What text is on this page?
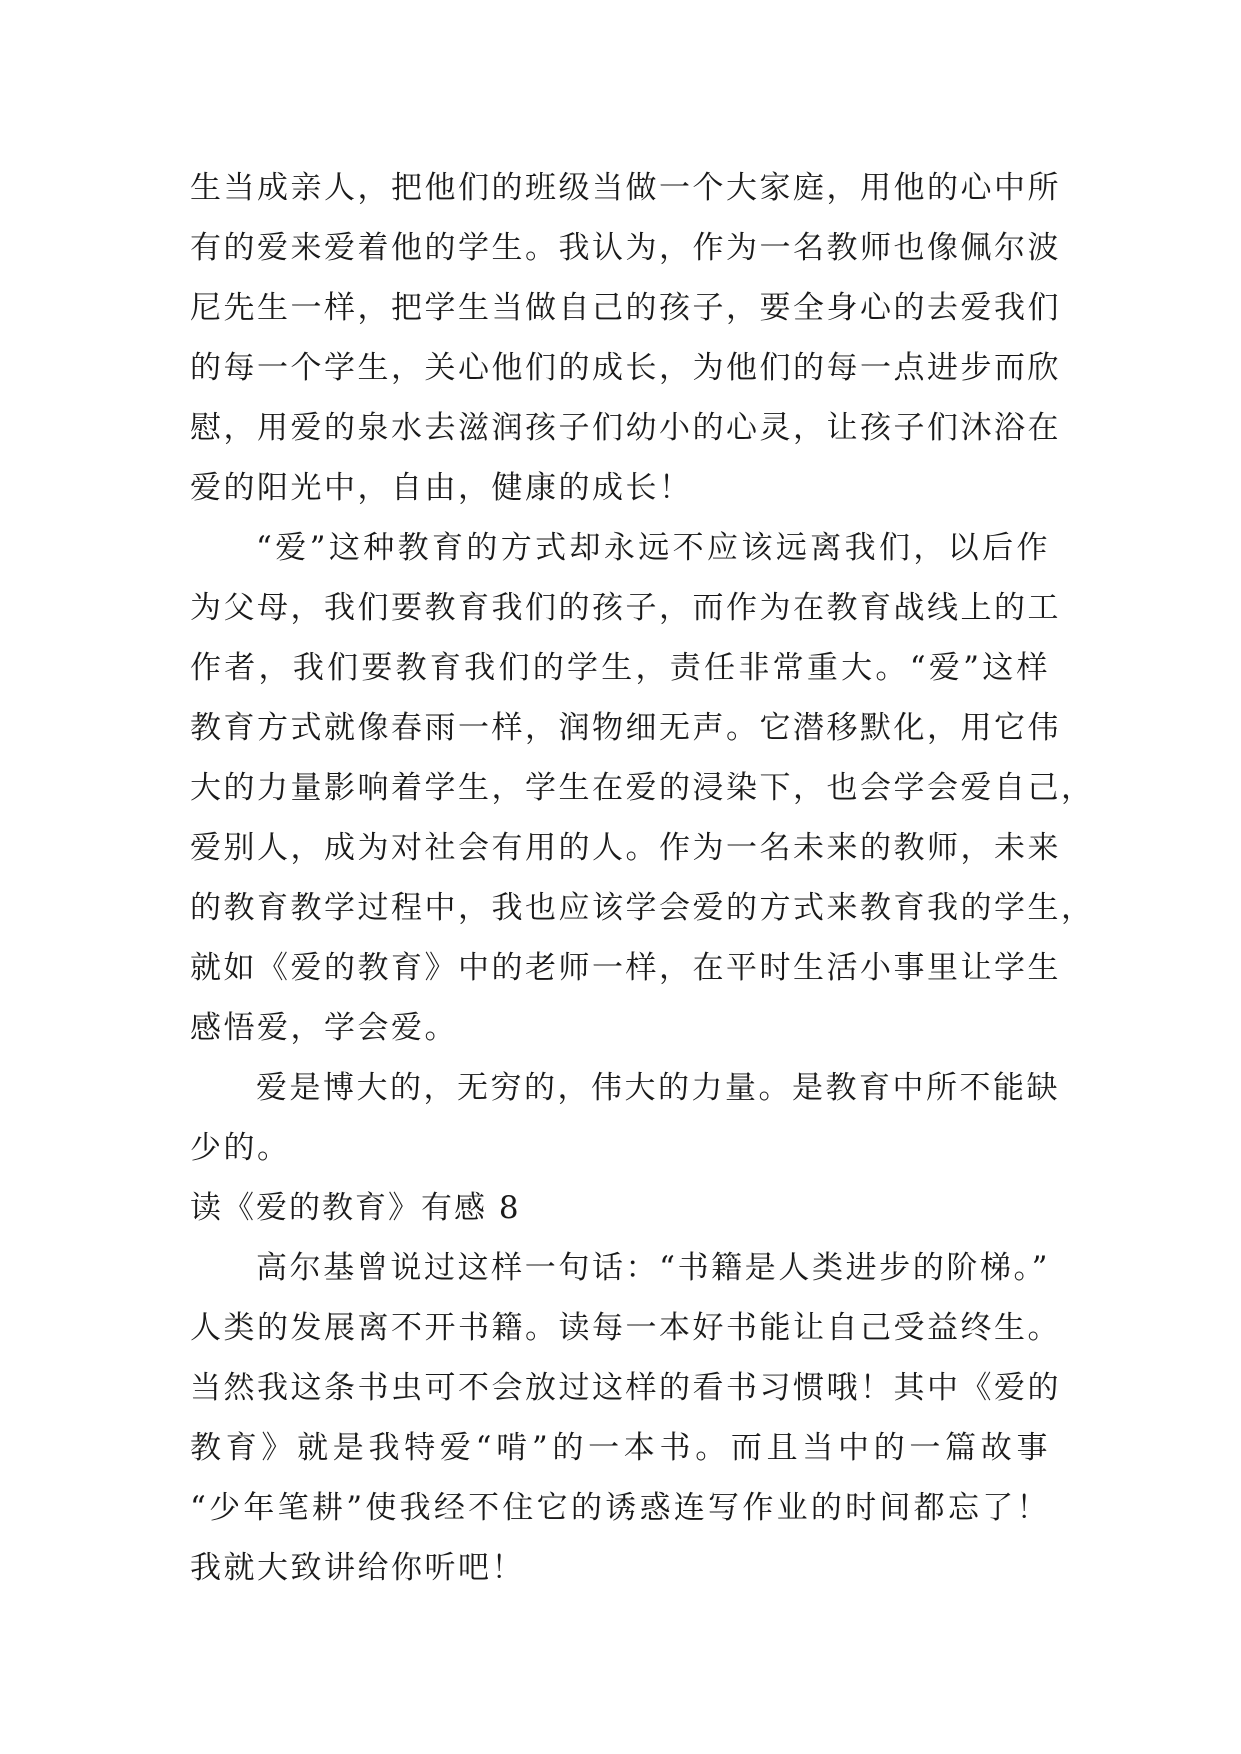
生当成亲人，把他们的班级当做一个大家庭，用他的心中所
有的爱来爱着他的学生。我认为，作为一名教师也像佩尔波
尼先生一样，把学生当做自己的孩子，要全身心的去爱我们
的每一个学生，关心他们的成长，为他们的每一点进步而欣
慰，用爱的泉水去滋润孩子们幼小的心灵，让孩子们沐浴在
爱的阳光中，自由，健康的成长！
“爱”这种教育的方式却永远不应该远离我们，以后作
为父母，我们要教育我们的孩子，而作为在教育战线上的工
作者，我们要教育我们的学生，责任非常重大。“爱”这样
教育方式就像春雨一样，润物细无声。它潜移默化，用它伟
大的力量影响着学生，学生在爱的浸染下，也会学会爱自己，
爱别人，成为对社会有用的人。作为一名未来的教师，未来
的教育教学过程中，我也应该学会爱的方式来教育我的学生，
就如《爱的教育》中的老师一样，在平时生活小事里让学生
感悟爱，学会爱。
爱是博大的，无穷的，伟大的力量。是教育中所不能缺
少的。
读《爱的教育》有感 8
高尔基曾说过这样一句话：“书籍是人类进步的阶梯。”
人类的发展离不开书籍。读每一本好书能让自己受益终生。
当然我这条书虫可不会放过这样的看书习惯哦！其中《爱的
教育》就是我特爱“啃”的一本书。而且当中的一篇故事
“少年笔耕”使我经不住它的诱惑连写作业的时间都忘了！
我就大致讲给你听吧！
